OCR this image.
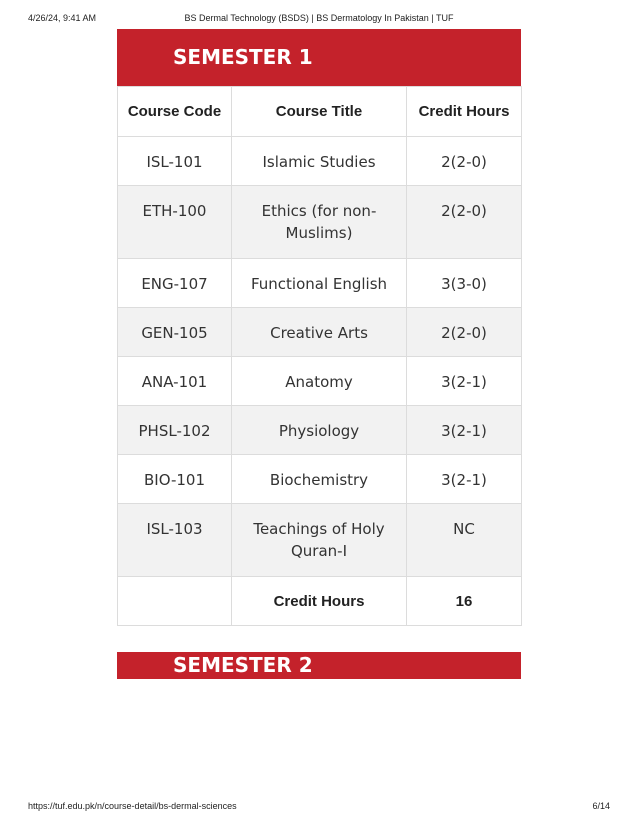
4/26/24, 9:41 AM	BS Dermal Technology (BSDS) | BS Dermatology In Pakistan | TUF
SEMESTER 1
Course Code	Course Title	Credit Hours
ISL-101	Islamic Studies	2(2-0)
ETH-100	Ethics (for non-Muslims)	2(2-0)
ENG-107	Functional English	3(3-0)
GEN-105	Creative Arts	2(2-0)
ANA-101	Anatomy	3(2-1)
PHSL-102	Physiology	3(2-1)
BIO-101	Biochemistry	3(2-1)
ISL-103	Teachings of Holy Quran-I	NC
	Credit Hours	16
SEMESTER 2
https://tuf.edu.pk/n/course-detail/bs-dermal-sciences	6/14
